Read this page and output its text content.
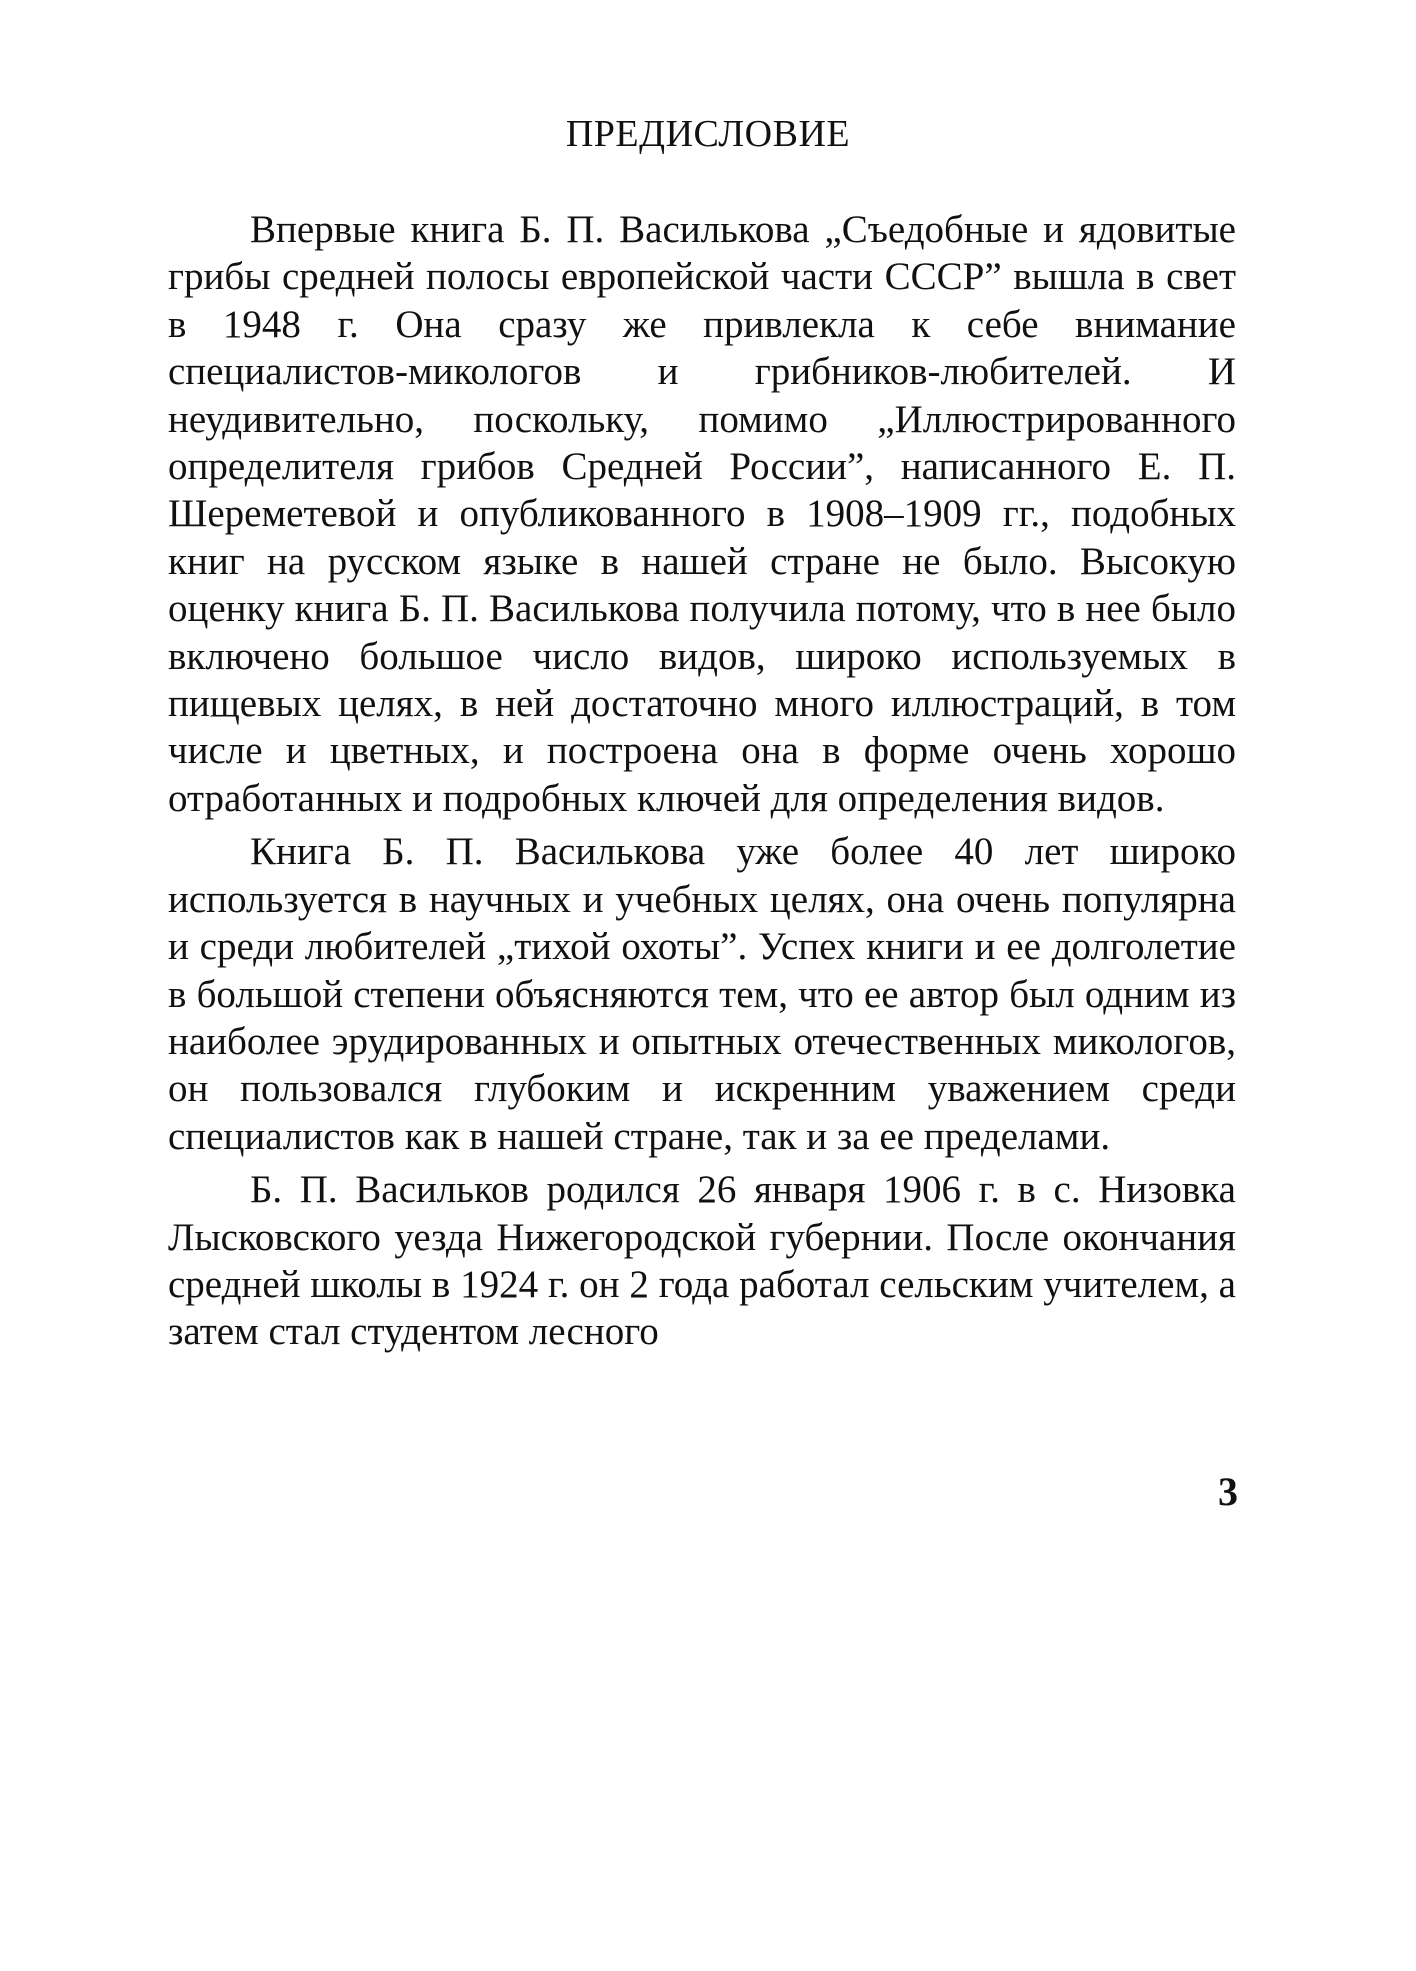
ПРЕДИСЛОВИЕ

Впервые книга Б. П. Василькова „Съедобные и ядовитые грибы средней полосы европейской части СССР” вышла в свет в 1948 г. Она сразу же привлекла к себе внимание специалистов-микологов и грибников-любителей. И неудивительно, поскольку, помимо „Иллюстрированного определителя грибов Средней России”, написанного Е. П. Шереметевой и опубликованного в 1908–1909 гг., подобных книг на русском языке в нашей стране не было. Высокую оценку книга Б. П. Василькова получила потому, что в нее было включено большое число видов, широко используемых в пищевых целях, в ней достаточно много иллюстраций, в том числе и цветных, и построена она в форме очень хорошо отработанных и подробных ключей для определения видов.

Книга Б. П. Василькова уже более 40 лет широко используется в научных и учебных целях, она очень популярна и среди любителей „тихой охоты”. Успех книги и ее долголетие в большой степени объясняются тем, что ее автор был одним из наиболее эрудированных и опытных отечественных микологов, он пользовался глубоким и искренним уважением среди специалистов как в нашей стране, так и за ее пределами.

Б. П. Васильков родился 26 января 1906 г. в с. Низовка Лысковского уезда Нижегородской губернии. После окончания средней школы в 1924 г. он 2 года работал сельским учителем, а затем стал студентом лесного

3
